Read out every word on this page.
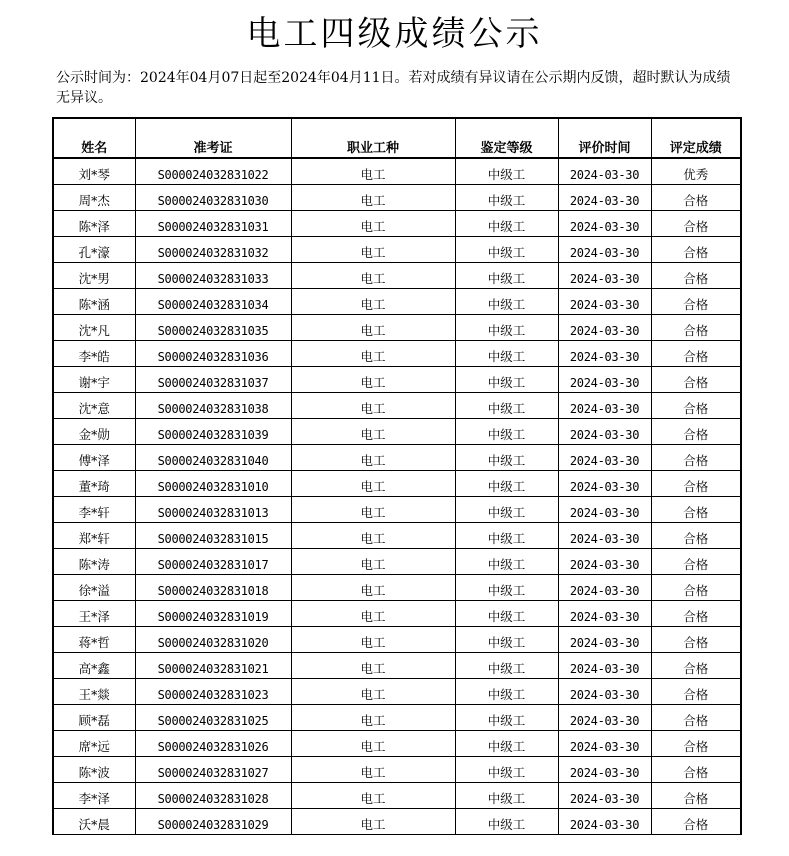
电工四级成绩公示
公示时间为：2024年04月07日起至2024年04月11日。若对成绩有异议请在公示期内反馈，超时默认为成绩无异议。
姓名	准考证	职业工种	鉴定等级	评价时间	评定成绩
刘*琴	S000024032831022	电工	中级工	2024-03-30	优秀
周*杰	S000024032831030	电工	中级工	2024-03-30	合格
陈*泽	S000024032831031	电工	中级工	2024-03-30	合格
孔*濠	S000024032831032	电工	中级工	2024-03-30	合格
沈*男	S000024032831033	电工	中级工	2024-03-30	合格
陈*涵	S000024032831034	电工	中级工	2024-03-30	合格
沈*凡	S000024032831035	电工	中级工	2024-03-30	合格
李*皓	S000024032831036	电工	中级工	2024-03-30	合格
谢*宇	S000024032831037	电工	中级工	2024-03-30	合格
沈*意	S000024032831038	电工	中级工	2024-03-30	合格
金*勋	S000024032831039	电工	中级工	2024-03-30	合格
傅*泽	S000024032831040	电工	中级工	2024-03-30	合格
董*琦	S000024032831010	电工	中级工	2024-03-30	合格
李*轩	S000024032831013	电工	中级工	2024-03-30	合格
郑*轩	S000024032831015	电工	中级工	2024-03-30	合格
陈*涛	S000024032831017	电工	中级工	2024-03-30	合格
徐*溢	S000024032831018	电工	中级工	2024-03-30	合格
王*泽	S000024032831019	电工	中级工	2024-03-30	合格
蒋*哲	S000024032831020	电工	中级工	2024-03-30	合格
高*鑫	S000024032831021	电工	中级工	2024-03-30	合格
王*燚	S000024032831023	电工	中级工	2024-03-30	合格
顾*磊	S000024032831025	电工	中级工	2024-03-30	合格
席*远	S000024032831026	电工	中级工	2024-03-30	合格
陈*波	S000024032831027	电工	中级工	2024-03-30	合格
李*泽	S000024032831028	电工	中级工	2024-03-30	合格
沃*晨	S000024032831029	电工	中级工	2024-03-30	合格
